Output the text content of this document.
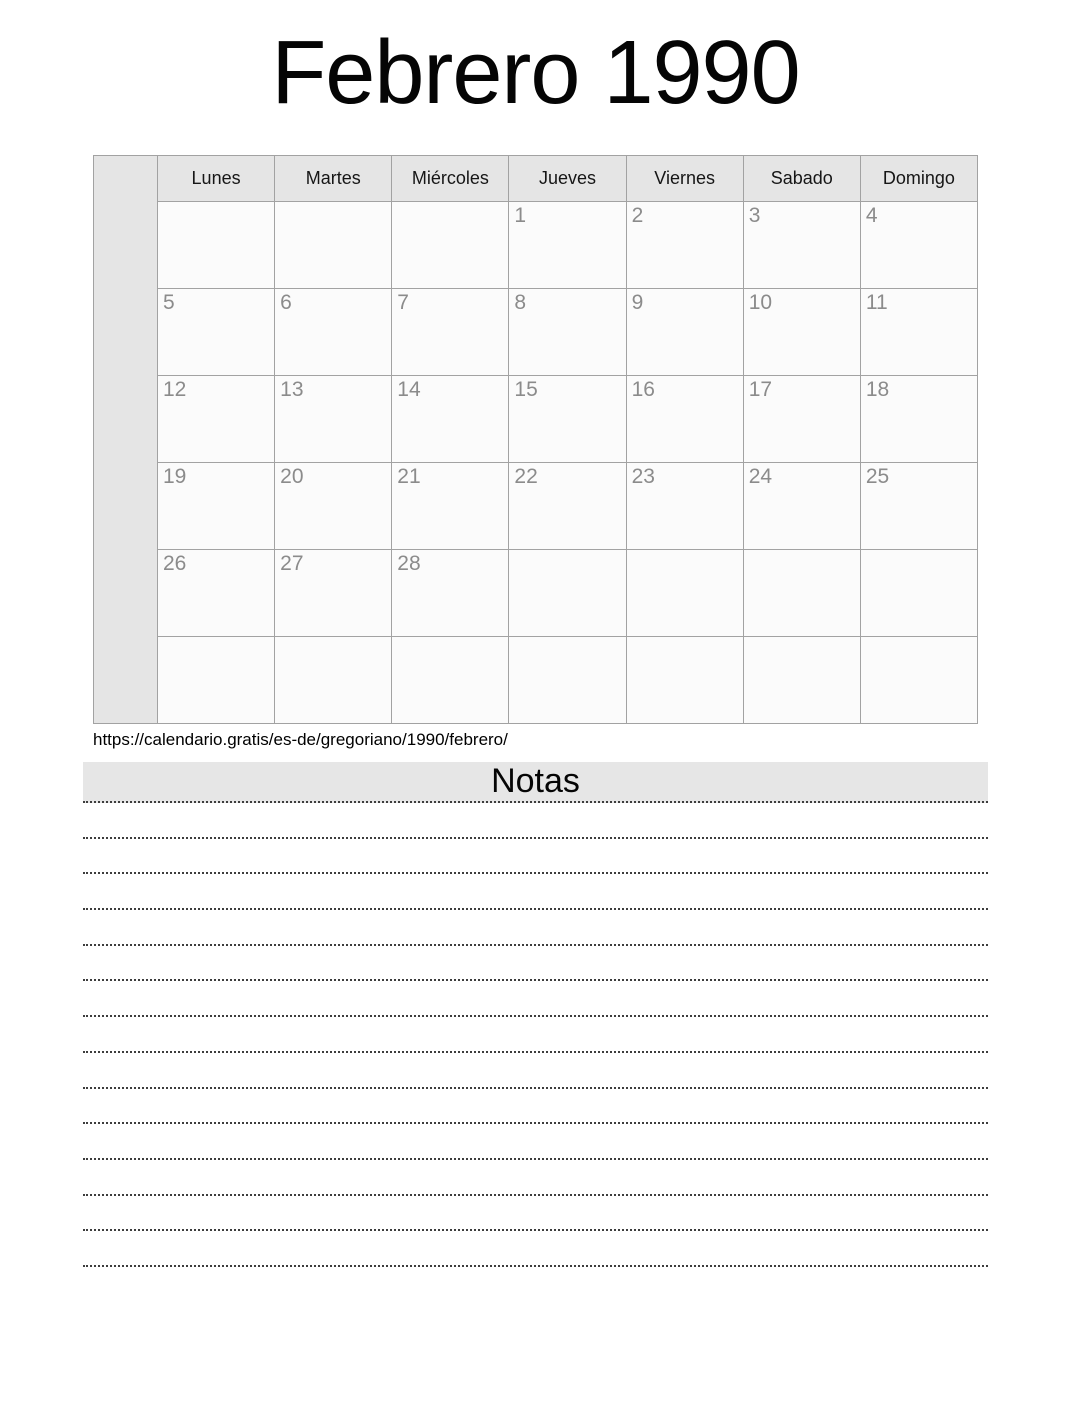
Febrero 1990
	Lunes	Martes	Miércoles	Jueves	Viernes	Sabado	Domingo
				1	2	3	4
	5	6	7	8	9	10	11
	12	13	14	15	16	17	18
	19	20	21	22	23	24	25
	26	27	28				

https://calendario.gratis/es-de/gregoriano/1990/febrero/
Notas
